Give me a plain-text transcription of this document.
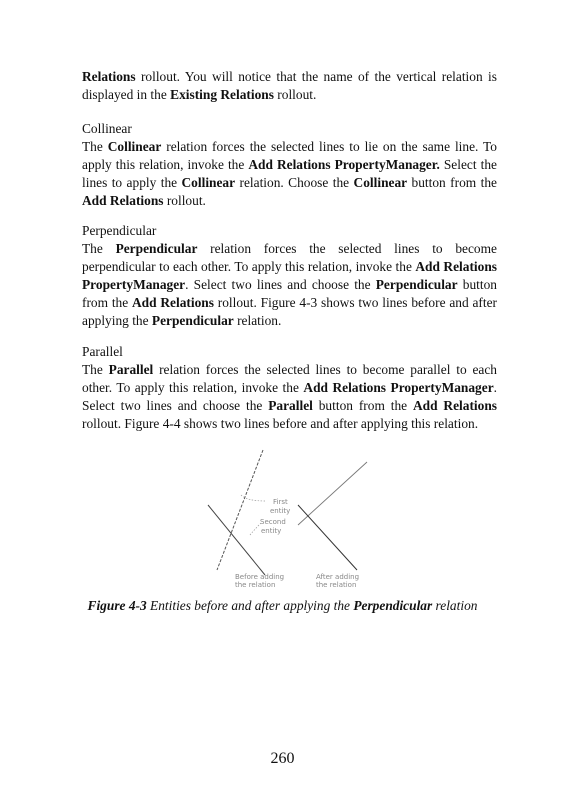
Relations rollout. You will notice that the name of the vertical relation is displayed in the Existing Relations rollout.

Collinear

The Collinear relation forces the selected lines to lie on the same line. To apply this relation, invoke the Add Relations PropertyManager. Select the lines to apply the Collinear relation. Choose the Collinear button from the Add Relations rollout.

Perpendicular

The Perpendicular relation forces the selected lines to become perpendicular to each other. To apply this relation, invoke the Add Relations PropertyManager. Select two lines and choose the Perpendicular button from the Add Relations rollout. Figure 4-3 shows two lines before and after applying the Perpendicular relation.

Parallel

The Parallel relation forces the selected lines to become parallel to each other. To apply this relation, invoke the Add Relations PropertyManager. Select two lines and choose the Parallel button from the Add Relations rollout. Figure 4-4 shows two lines before and after applying this relation.

First
entity
Second
entity
Before adding
the relation
After adding
the relation
Figure 4-3 Entities before and after applying the Perpendicular relation
260
